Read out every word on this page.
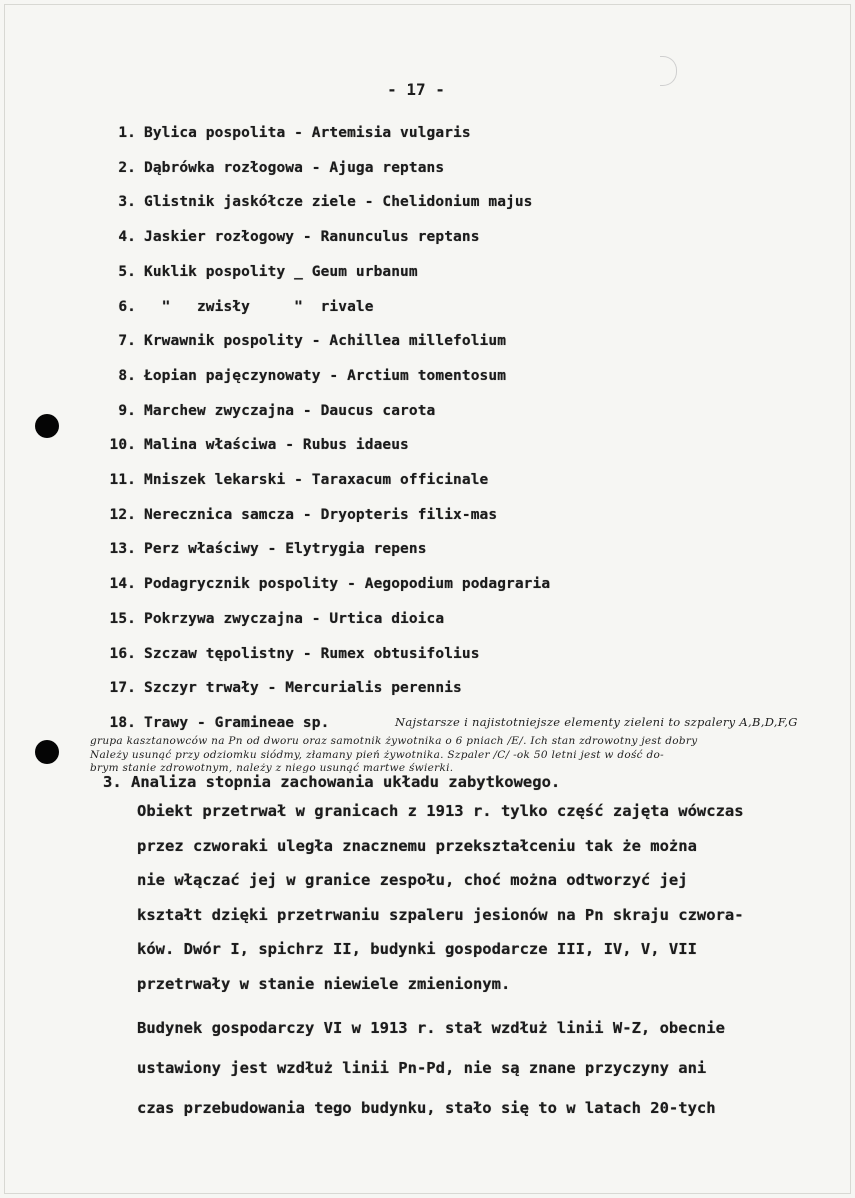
- 17 -
1. Bylica pospolita - Artemisia vulgaris
2. Dąbrówka rozłogowa - Ajuga reptans
3. Glistnik jaskółcze ziele - Chelidonium majus
4. Jaskier rozłogowy - Ranunculus reptans
5. Kuklik pospolity _ Geum urbanum
6.  "   zwisły     "  rivale
7. Krwawnik pospolity - Achillea millefolium
8. Łopian pajęczynowaty - Arctium tomentosum
9. Marchew zwyczajna - Daucus carota
10. Malina właściwa - Rubus idaeus
11. Mniszek lekarski - Taraxacum officinale
12. Nerecznica samcza - Dryopteris filix-mas
13. Perz właściwy - Elytrygia repens
14. Podagrycznik pospolity - Aegopodium podagraria
15. Pokrzywa zwyczajna - Urtica dioica
16. Szczaw tępolistny - Rumex obtusifolius
17. Szczyr trwały - Mercurialis perennis
18. Trawy - Gramineae sp.	Najstarsze i najistotniejsze elementy zieleni to szpalery A,B,D,F,G
grupa kasztanowców na Pn od dworu oraz samotnik żywotnika o 6 pniach /E/. Ich stan zdrowotny jest dobry
Należy usunąć przy odziomku siódmy, złamany pień żywotnika. Szpaler /C/ -ok 50 letni jest w dość do-
brym stanie zdrowotnym, należy z niego usunąć martwe świerki.
3. Analiza stopnia zachowania układu zabytkowego.
Obiekt przetrwał w granicach z 1913 r. tylko część zajęta wówczas
przez czworaki uległa znacznemu przekształceniu tak że można
nie włączać jej w granice zespołu, choć można odtworzyć jej
kształt dzięki przetrwaniu szpaleru jesionów na Pn skraju czwora-
ków. Dwór I, spichrz II, budynki gospodarcze III, IV, V, VII
przetrwały w stanie niewiele zmienionym.
Budynek gospodarczy VI w 1913 r. stał wzdłuż linii W-Z, obecnie
ustawiony jest wzdłuż linii Pn-Pd, nie są znane przyczyny ani
czas przebudowania tego budynku, stało się to w latach 20-tych
